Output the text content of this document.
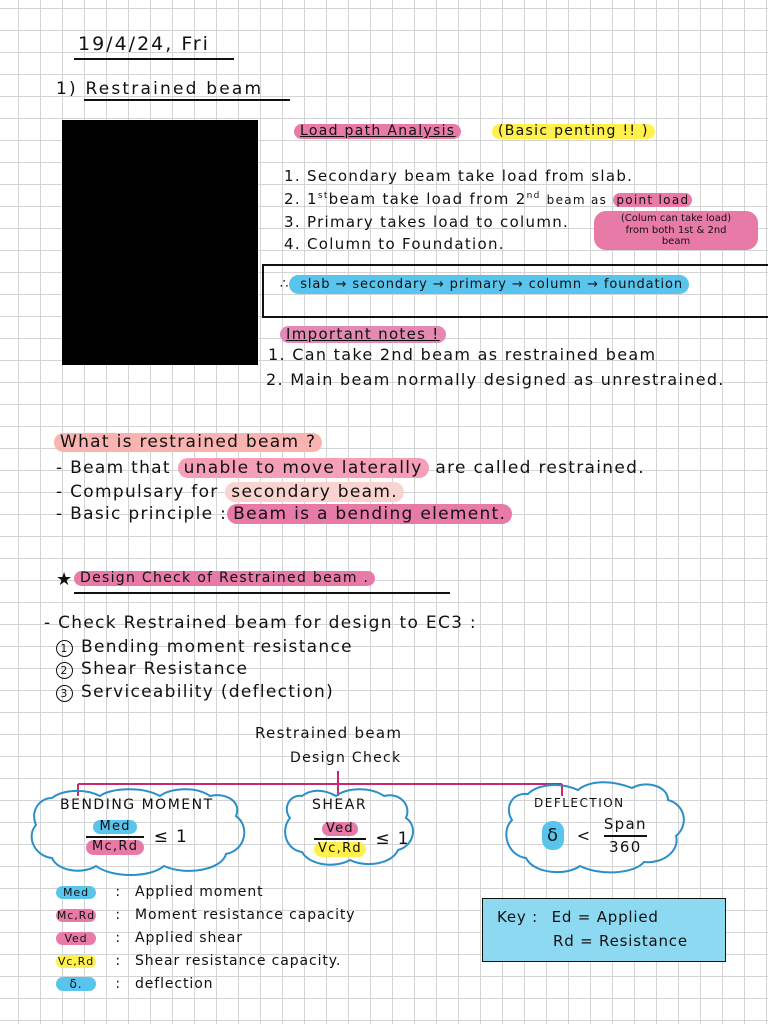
19/4/24, Fri
1) Restrained beam
Load path Analysis	(Basic penting !! )
1. Secondary beam take load from slab.
2. 1stbeam take load from 2nd beam as point load
3. Primary takes load to column.
4. Column to Foundation.
(Colum can take load)
from both 1st & 2nd
beam
∴ slab → secondary → primary → column → foundation
Important notes !
1. Can take 2nd beam as restrained beam
2. Main beam normally designed as unrestrained.
What is restrained beam ?
- Beam that unable to move laterally are called restrained.
- Compulsary for secondary beam.
- Basic principle : Beam is a bending element.
★ Design Check of Restrained beam .
- Check Restrained beam for design to EC3 :
1 Bending moment resistance
2 Shear Resistance
3 Serviceability (deflection)
Restrained beam
Design Check
BENDING MOMENT
$\frac{\text{Med}}{Mc,Rd} \le 1$
SHEAR
$\frac{\text{Ved}}{Vc,Rd} \le 1$
DEFLECTION
$\delta < \frac{\text{Span}}{360}$
Med : Applied moment
Mc,Rd : Moment resistance capacity
Ved : Applied shear
Vc,Rd : Shear resistance capacity.
δ. : deflection
Key : Ed = Applied
Rd = Resistance
